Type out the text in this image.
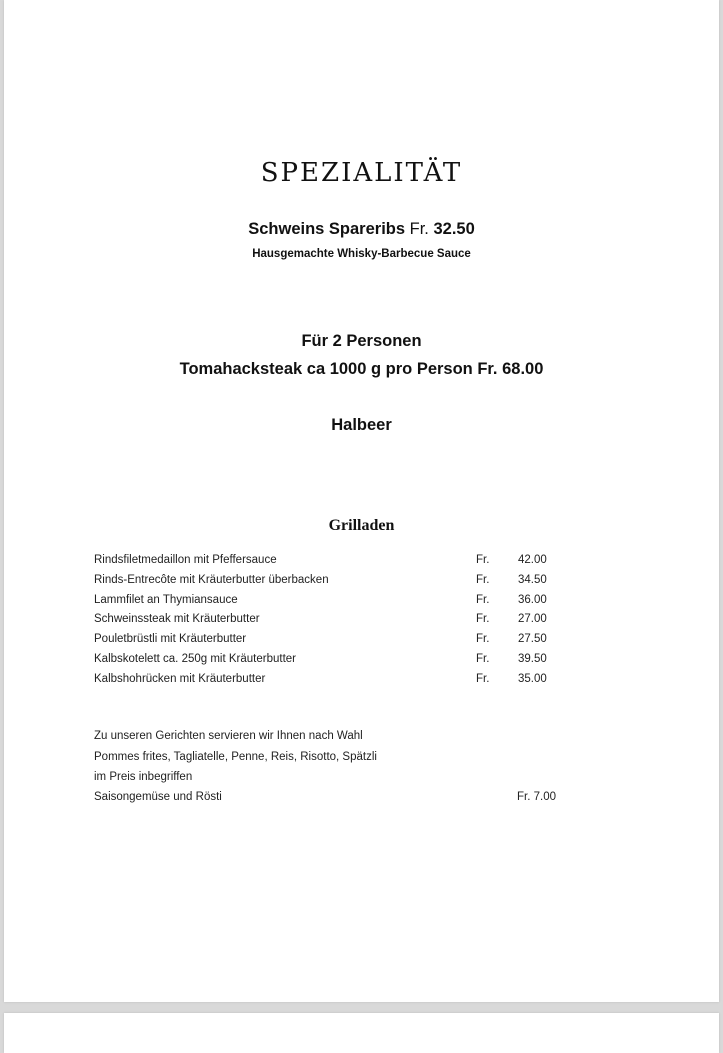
SPEZIALITÄT
Schweins Spareribs Fr. 32.50
Hausgemachte Whisky-Barbecue Sauce
Für 2 Personen
Tomahacksteak ca 1000 g pro Person Fr. 68.00
Halbeer
Grilladen
Rindsfiletmedaillon mit Pfeffersauce	Fr. 42.00
Rinds-Entrecôte mit Kräuterbutter überbacken	Fr. 34.50
Lammfilet an Thymiansauce	Fr. 36.00
Schweinssteak mit Kräuterbutter	Fr. 27.00
Pouletbrüstli mit Kräuterbutter	Fr. 27.50
Kalbskotelett ca. 250g mit Kräuterbutter	Fr. 39.50
Kalbshohrücken mit Kräuterbutter	Fr. 35.00
Zu unseren Gerichten servieren wir Ihnen nach Wahl
Pommes frites, Tagliatelle, Penne, Reis, Risotto, Spätzli
im Preis inbegriffen
Saisongemüse und Rösti	Fr. 7.00
